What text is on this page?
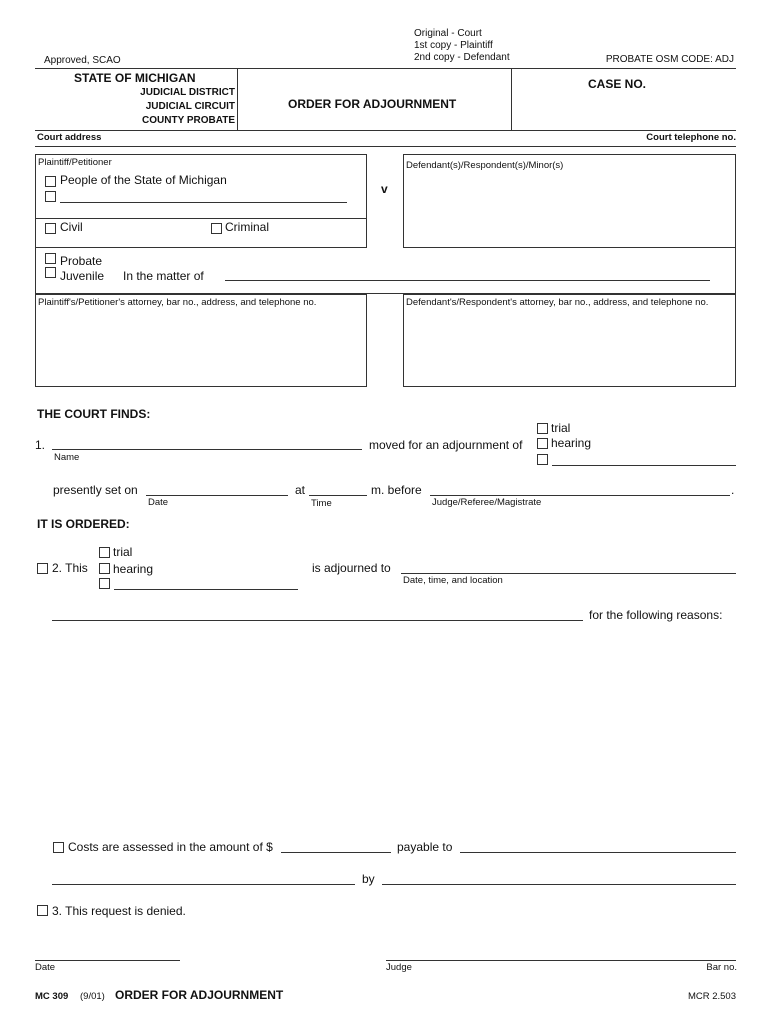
Approved, SCAO
Original - Court
1st copy - Plaintiff
2nd copy - Defendant	PROBATE OSM CODE: ADJ
STATE OF MICHIGAN
JUDICIAL DISTRICT
JUDICIAL CIRCUIT
COUNTY PROBATE
ORDER FOR ADJOURNMENT
CASE NO.
Court address	Court telephone no.
Plaintiff/Petitioner
People of the State of Michigan
Civil	Criminal
v
Defendant(s)/Respondent(s)/Minor(s)
Probate
Juvenile In the matter of
Plaintiff's/Petitioner's attorney, bar no., address, and telephone no.	Defendant's/Respondent's attorney, bar no., address, and telephone no.
THE COURT FINDS:
1.
Name
moved for an adjournment of
trial
hearing
presently set on
Date
at
Time
m. before	.
Judge/Referee/Magistrate
IT IS ORDERED:
trial
2. This hearing	is adjourned to
Date, time, and location
for the following reasons:
Costs are assessed in the amount of $	payable to
by
3. This request is denied.
Date	Judge	Bar no.
MC 309 (9/01) ORDER FOR ADJOURNMENT	MCR 2.503
